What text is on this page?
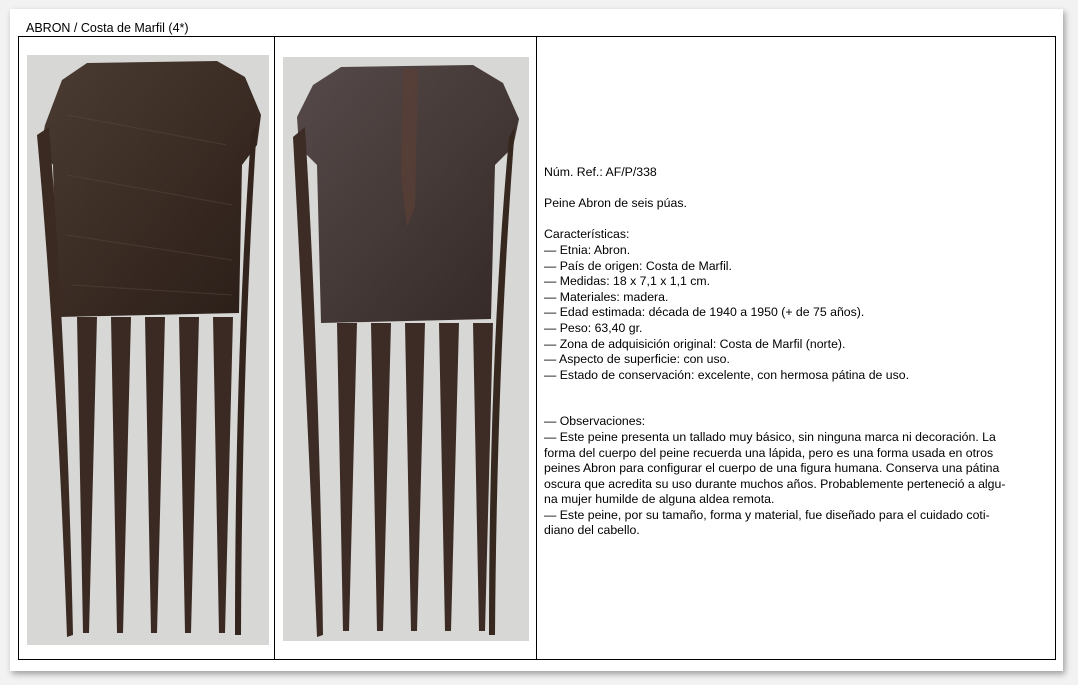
ABRON / Costa de Marfil (4*)

Núm. Ref.: AF/P/338

Peine Abron de seis púas.

Características:

— Etnia: Abron.

— País de origen: Costa de Marfil.

— Medidas: 18 x 7,1 x 1,1 cm.

— Materiales: madera.

— Edad estimada: década de 1940 a 1950 (+ de 75 años).

— Peso: 63,40 gr.

— Zona de adquisición original: Costa de Marfil (norte).

— Aspecto de superficie: con uso.

— Estado de conservación: excelente, con hermosa pátina de uso.

— Observaciones:

— Este peine presenta un tallado muy básico, sin ninguna marca ni decoración. La

forma del cuerpo del peine recuerda una lápida, pero es una forma usada en otros

peines Abron para configurar el cuerpo de una figura humana. Conserva una pátina

oscura que acredita su uso durante muchos años. Probablemente perteneció a algu-

na mujer humilde de alguna aldea remota.

— Este peine, por su tamaño, forma y material, fue diseñado para el cuidado coti-

diano del cabello.
